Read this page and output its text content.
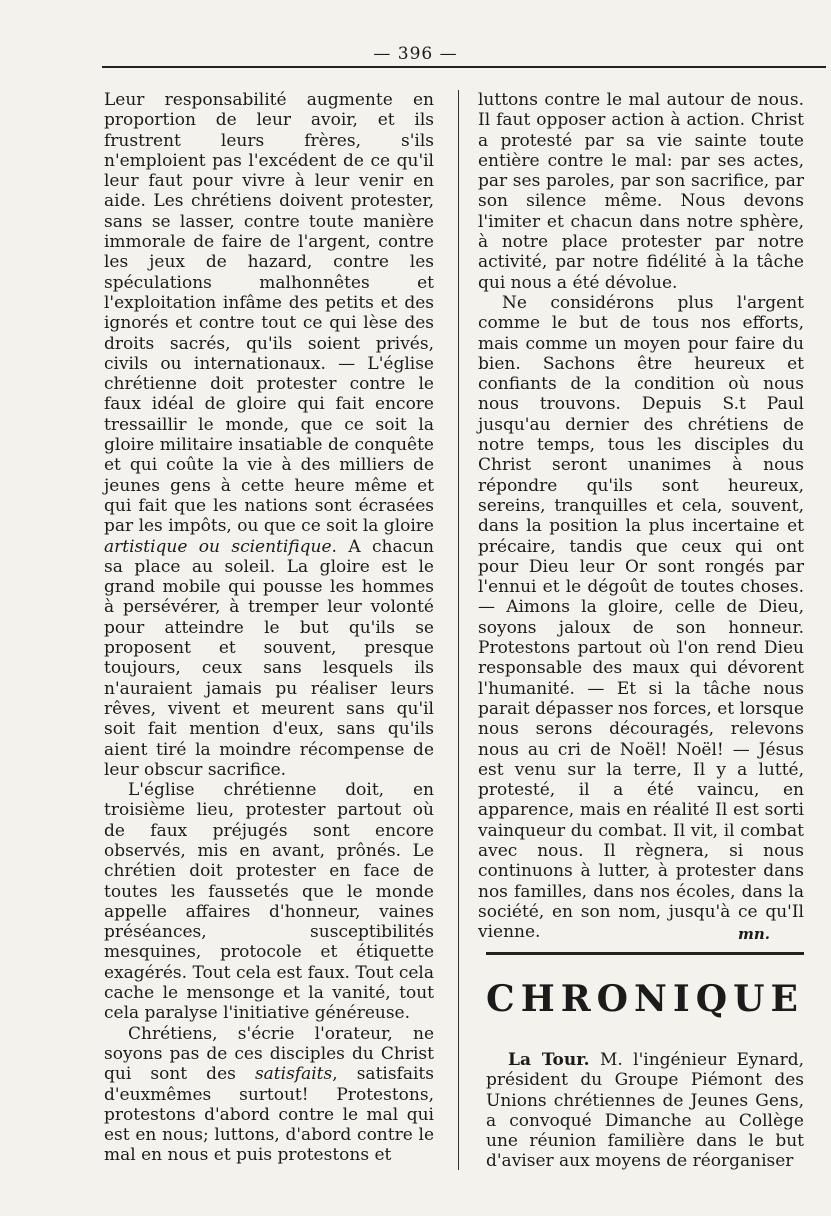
— 396 —

Leur responsabilité augmente en proportion de leur avoir, et ils frustrent leurs frères, s'ils n'emploient pas l'excédent de ce qu'il leur faut pour vivre à leur venir en aide. Les chrétiens doivent protester, sans se lasser, contre toute manière immorale de faire de l'argent, contre les jeux de hazard, contre les spéculations malhonnêtes et l'exploitation infâme des petits et des ignorés et contre tout ce qui lèse des droits sacrés, qu'ils soient privés, civils ou internationaux. — L'église chrétienne doit protester contre le faux idéal de gloire qui fait encore tressaillir le monde, que ce soit la gloire militaire insatiable de conquête et qui coûte la vie à des milliers de jeunes gens à cette heure même et qui fait que les nations sont écrasées par les impôts, ou que ce soit la gloire artistique ou scientifique. A chacun sa place au soleil. La gloire est le grand mobile qui pousse les hommes à persévérer, à tremper leur volonté pour atteindre le but qu'ils se proposent et souvent, presque toujours, ceux sans lesquels ils n'auraient jamais pu réaliser leurs rêves, vivent et meurent sans qu'il soit fait mention d'eux, sans qu'ils aient tiré la moindre récompense de leur obscur sacrifice.

L'église chrétienne doit, en troisième lieu, protester partout où de faux préjugés sont encore observés, mis en avant, prônés. Le chrétien doit protester en face de toutes les faussetés que le monde appelle affaires d'honneur, vaines préséances, susceptibilités mesquines, protocole et étiquette exagérés. Tout cela est faux. Tout cela cache le mensonge et la vanité, tout cela paralyse l'initiative généreuse.

Chrétiens, s'écrie l'orateur, ne soyons pas de ces disciples du Christ qui sont des satisfaits, satisfaits d'euxmêmes surtout! Protestons, protestons d'abord contre le mal qui est en nous; luttons, d'abord contre le mal en nous et puis protestons et

luttons contre le mal autour de nous. Il faut opposer action à action. Christ a protesté par sa vie sainte toute entière contre le mal: par ses actes, par ses paroles, par son sacrifice, par son silence même. Nous devons l'imiter et chacun dans notre sphère, à notre place protester par notre activité, par notre fidélité à la tâche qui nous a été dévolue.

Ne considérons plus l'argent comme le but de tous nos efforts, mais comme un moyen pour faire du bien. Sachons être heureux et confiants de la condition où nous nous trouvons. Depuis S.t Paul jusqu'au dernier des chrétiens de notre temps, tous les disciples du Christ seront unanimes à nous répondre qu'ils sont heureux, sereins, tranquilles et cela, souvent, dans la position la plus incertaine et précaire, tandis que ceux qui ont pour Dieu leur Or sont rongés par l'ennui et le dégoût de toutes choses. — Aimons la gloire, celle de Dieu, soyons jaloux de son honneur. Protestons partout où l'on rend Dieu responsable des maux qui dévorent l'humanité. — Et si la tâche nous parait dépasser nos forces, et lorsque nous serons découragés, relevons nous au cri de Noël! Noël! — Jésus est venu sur la terre, Il y a lutté, protesté, il a été vaincu, en apparence, mais en réalité Il est sorti vainqueur du combat. Il vit, il combat avec nous. Il règnera, si nous continuons à lutter, à protester dans nos familles, dans nos écoles, dans la société, en son nom, jusqu'à ce qu'Il vienne.	mn.
CHRONIQUE

La Tour. M. l'ingénieur Eynard, président du Groupe Piémont des Unions chrétiennes de Jeunes Gens, a convoqué Dimanche au Collège une réunion familière dans le but d'aviser aux moyens de réorganiser
